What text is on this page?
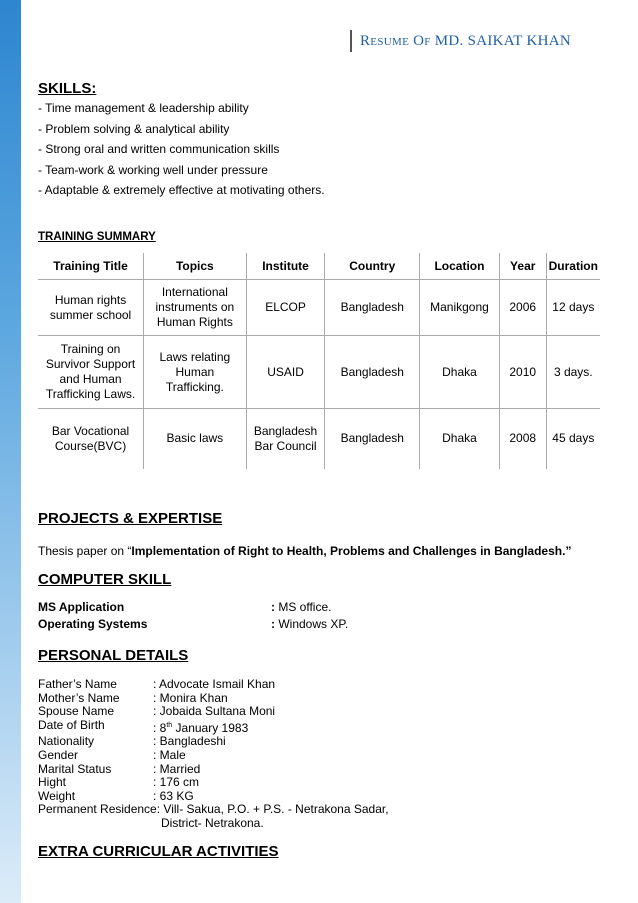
Resume Of MD. SAIKAT KHAN
SKILLS:
- Time management & leadership ability
- Problem solving & analytical ability
- Strong oral and written communication skills
- Team-work & working well under pressure
- Adaptable & extremely effective at motivating others.
TRAINING SUMMARY
Training Title	Topics	Institute	Country	Location	Year	Duration
Human rights summer school	International instruments on Human Rights	ELCOP	Bangladesh	Manikgong	2006	12 days
Training on Survivor Support and Human Trafficking Laws.	Laws relating Human Trafficking.	USAID	Bangladesh	Dhaka	2010	3 days.
Bar Vocational Course(BVC)	Basic laws	Bangladesh Bar Council	Bangladesh	Dhaka	2008	45 days
PROJECTS & EXPERTISE
Thesis paper on “Implementation of Right to Health, Problems and Challenges in Bangladesh.”
COMPUTER SKILL
MS Application	: MS office.
Operating Systems	: Windows XP.
PERSONAL DETAILS
Father’s Name	: Advocate Ismail Khan
Mother’s Name	: Monira Khan
Spouse Name	: Jobaida Sultana Moni
Date of Birth	: 8th January 1983
Nationality	: Bangladeshi
Gender	: Male
Marital Status	: Married
Hight	: 176 cm
Weight	: 63 KG
Permanent Residence:
Vill- Sakua, P.O. + P.S. - Netrakona Sadar,
District- Netrakona.
EXTRA CURRICULAR ACTIVITIES
